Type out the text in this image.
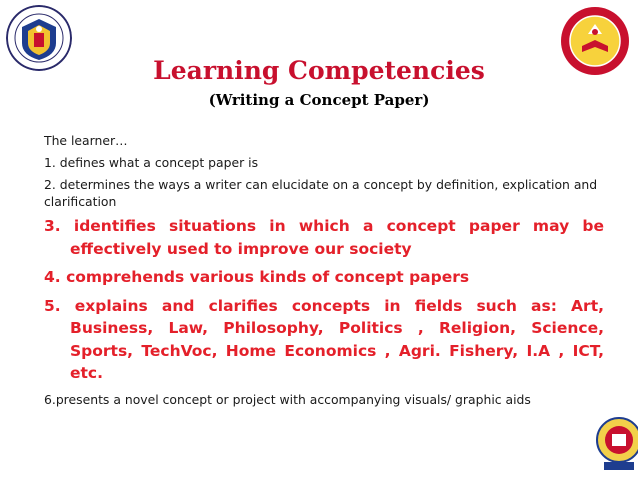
Learning Competencies
(Writing a Concept Paper)

The learner…

1. defines what a concept paper is

2. determines the ways a writer can elucidate on a concept by definition, explication and clarification

3. identifies situations in which a concept paper may be effectively used to improve our society

4. comprehends various kinds of concept papers

5. explains and clarifies concepts in fields such as: Art, Business, Law, Philosophy, Politics , Religion, Science, Sports, TechVoc, Home Economics , Agri. Fishery, I.A , ICT, etc.

6.presents a novel concept or project with accompanying visuals/ graphic aids
